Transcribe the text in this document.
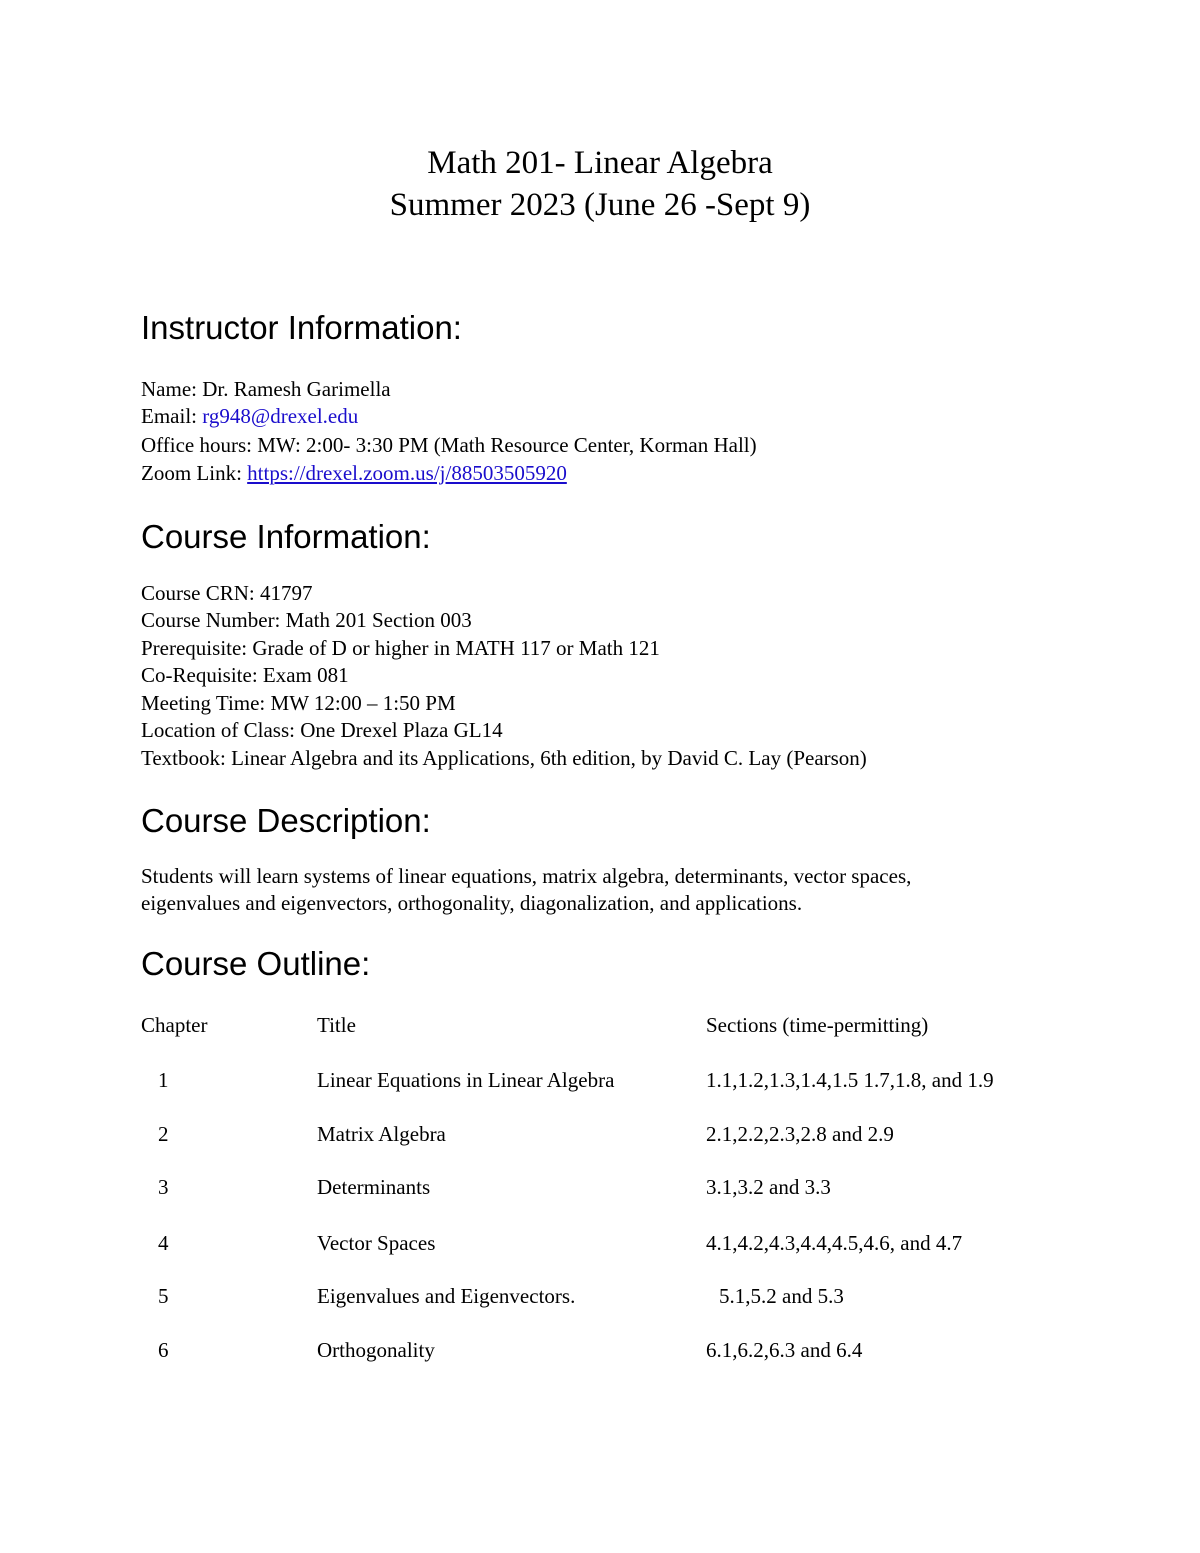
Math 201- Linear Algebra

Summer 2023 (June 26 -Sept 9)

Instructor Information:

Name: Dr. Ramesh Garimella

Email: rg948@drexel.edu

Office hours: MW: 2:00- 3:30 PM (Math Resource Center, Korman Hall)

Zoom Link: https://drexel.zoom.us/j/88503505920

Course Information:

Course CRN: 41797

Course Number: Math 201 Section 003

Prerequisite: Grade of D or higher in MATH 117 or Math 121

Co-Requisite: Exam 081

Meeting Time: MW 12:00 – 1:50 PM

Location of Class: One Drexel Plaza GL14

Textbook: Linear Algebra and its Applications, 6th edition, by David C. Lay (Pearson)

Course Description:

Students will learn systems of linear equations, matrix algebra, determinants, vector spaces,

eigenvalues and eigenvectors, orthogonality, diagonalization, and applications.

Course Outline:

Chapter	Title	Sections (time-permitting)

1	Linear Equations in Linear Algebra	1.1,1.2,1.3,1.4,1.5 1.7,1.8, and 1.9

2	Matrix Algebra	2.1,2.2,2.3,2.8 and 2.9

3	Determinants	3.1,3.2 and 3.3

4	Vector Spaces	4.1,4.2,4.3,4.4,4.5,4.6, and 4.7

5	Eigenvalues and Eigenvectors.	5.1,5.2 and 5.3

6	Orthogonality	6.1,6.2,6.3 and 6.4
